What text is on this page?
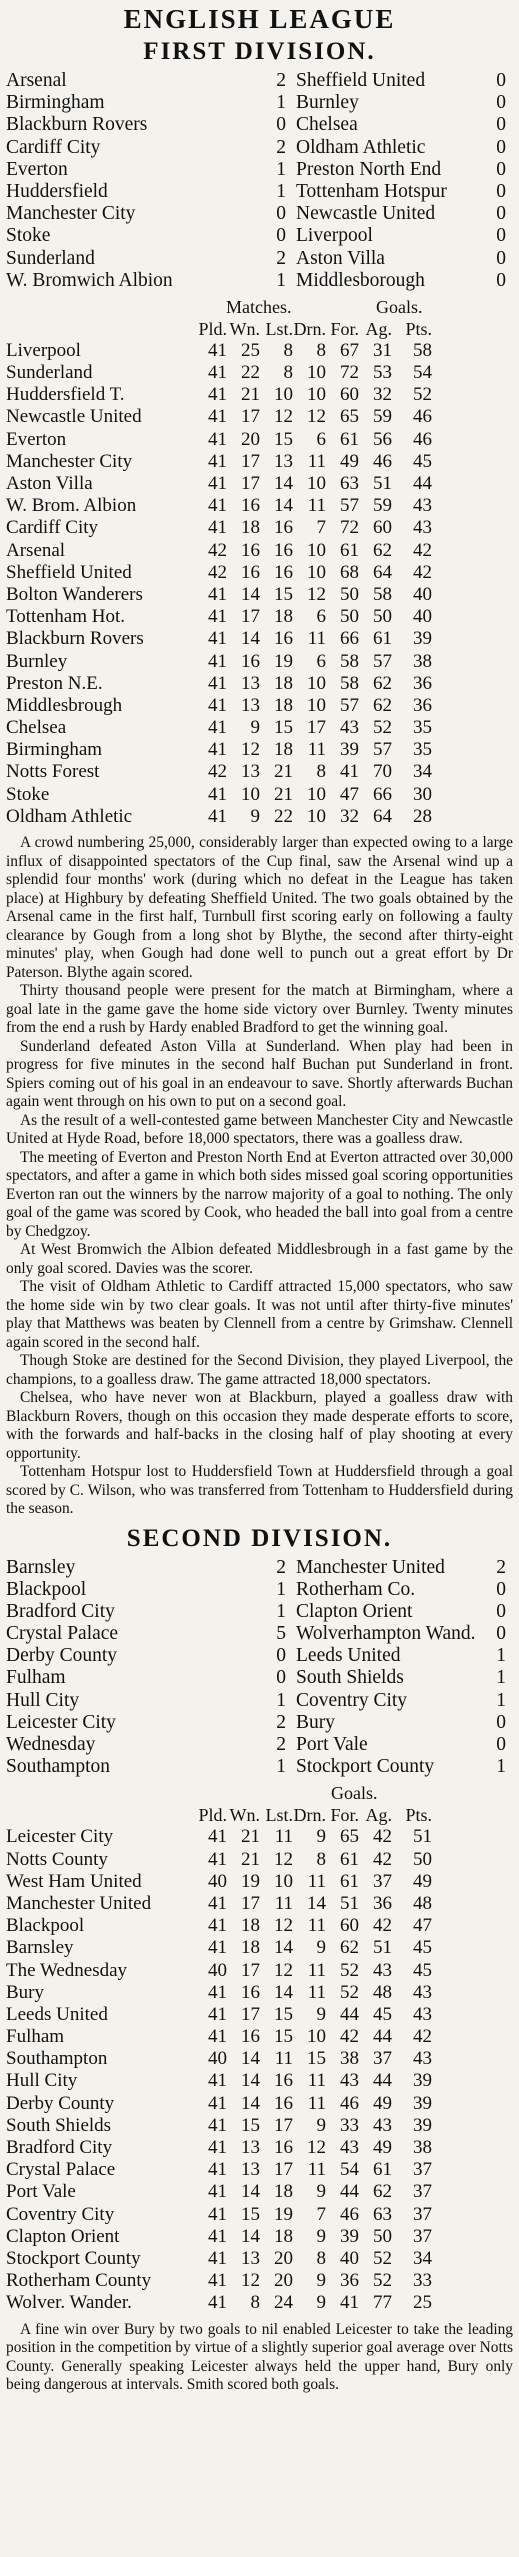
ENGLISH LEAGUE
FIRST DIVISION.
Arsenal	2 Sheffield United	0
Birmingham	1 Burnley	0
Blackburn Rovers	0 Chelsea	0
Cardiff City	2 Oldham Athletic	0
Everton	1 Preston North End	0
Huddersfield	1 Tottenham Hotspur	0
Manchester City	0 Newcastle United	0
Stoke	0 Liverpool	0
Sunderland	2 Aston Villa	0
W. Bromwich Albion	1 Middlesborough	0
Matches.	Goals.
Pld. Wn. Lst. Drn. For. Ag. Pts.
Liverpool	41 25	8	8 67 31	58
Sunderland	41 22	8 10 72 53	54
Huddersfield T.	41 21 10 10 60 32	52
Newcastle United	41 17 12 12 65 59	46
Everton	41 20 15	6 61 56	46
Manchester City	41 17 13 11 49 46	45
Aston Villa	41 17 14 10 63 51	44
W. Brom. Albion	41 16 14 11 57 59	43
Cardiff City	41 18 16	7 72 60	43
Arsenal	42 16 16 10 61 62	42
Sheffield United	42 16 16 10 68 64	42
Bolton Wanderers	41 14 15 12 50 58	40
Tottenham Hot.	41 17 18	6 50 50	40
Blackburn Rovers	41 14 16 11 66 61	39
Burnley	41 16 19	6 58 57	38
Preston N.E.	41 13 18 10 58 62	36
Middlesbrough	41 13 18 10 57 62	36
Chelsea	41	9 15 17 43 52	35
Birmingham	41 12 18 11 39 57	35
Notts Forest	42 13 21	8 41 70	34
Stoke	41 10 21 10 47 66	30
Oldham Athletic	41	9 22 10 32 64	28

A crowd numbering 25,000, considerably larger than expected owing to a large influx of disappointed spectators of the Cup final, saw the Arsenal wind up a splendid four months' work (during which no defeat in the League has taken place) at Highbury by defeating Sheffield United. The two goals obtained by the Arsenal came in the first half, Turnbull first scoring early on following a faulty clearance by Gough from a long shot by Blythe, the second after thirty-eight minutes' play, when Gough had done well to punch out a great effort by Dr Paterson. Blythe again scored.

Thirty thousand people were present for the match at Birmingham, where a goal late in the game gave the home side victory over Burnley. Twenty minutes from the end a rush by Hardy enabled Bradford to get the winning goal.

Sunderland defeated Aston Villa at Sunderland. When play had been in progress for five minutes in the second half Buchan put Sunderland in front. Spiers coming out of his goal in an endeavour to save. Shortly afterwards Buchan again went through on his own to put on a second goal.

As the result of a well-contested game between Manchester City and Newcastle United at Hyde Road, before 18,000 spectators, there was a goalless draw.

The meeting of Everton and Preston North End at Everton attracted over 30,000 spectators, and after a game in which both sides missed goal scoring opportunities Everton ran out the winners by the narrow majority of a goal to nothing. The only goal of the game was scored by Cook, who headed the ball into goal from a centre by Chedgzoy.

At West Bromwich the Albion defeated Middlesbrough in a fast game by the only goal scored. Davies was the scorer.

The visit of Oldham Athletic to Cardiff attracted 15,000 spectators, who saw the home side win by two clear goals. It was not until after thirty-five minutes' play that Matthews was beaten by Clennell from a centre by Grimshaw. Clennell again scored in the second half.

Though Stoke are destined for the Second Division, they played Liverpool, the champions, to a goalless draw. The game attracted 18,000 spectators.

Chelsea, who have never won at Blackburn, played a goalless draw with Blackburn Rovers, though on this occasion they made desperate efforts to score, with the forwards and half-backs in the closing half of play shooting at every opportunity.

Tottenham Hotspur lost to Huddersfield Town at Huddersfield through a goal scored by C. Wilson, who was transferred from Tottenham to Huddersfield during the season.

SECOND DIVISION.
Barnsley	2 Manchester United	2
Blackpool	1 Rotherham Co.	0
Bradford City	1 Clapton Orient	0
Crystal Palace	5 Wolverhampton Wand.	0
Derby County	0 Leeds United	1
Fulham	0 South Shields	1
Hull City	1 Coventry City	1
Leicester City	2 Bury	0
Wednesday	2 Port Vale	0
Southampton	1 Stockport County	1
Goals.
Pld. Wn. Lst. Drn. For. Ag. Pts.
Leicester City	41 21 11	9 65 42	51
Notts County	41 21 12	8 61 42	50
West Ham United	40 19 10 11 61 37	49
Manchester United	41 17 11 14 51 36	48
Blackpool	41 18 12 11 60 42	47
Barnsley	41 18 14	9 62 51	45
The Wednesday	40 17 12 11 52 43	45
Bury	41 16 14 11 52 48	43
Leeds United	41 17 15	9 44 45	43
Fulham	41 16 15 10 42 44	42
Southampton	40 14 11 15 38 37	43
Hull City	41 14 16 11 43 44	39
Derby County	41 14 16 11 46 49	39
South Shields	41 15 17	9 33 43	39
Bradford City	41 13 16 12 43 49	38
Crystal Palace	41 13 17 11 54 61	37
Port Vale	41 14 18	9 44 62	37
Coventry City	41 15 19	7 46 63	37
Clapton Orient	41 14 18	9 39 50	37
Stockport County	41 13 20	8 40 52	34
Rotherham County	41 12 20	9 36 52	33
Wolver. Wander.	41	8 24	9 41 77	25

A fine win over Bury by two goals to nil enabled Leicester to take the leading position in the competition by virtue of a slightly superior goal average over Notts County. Generally speaking Leicester always held the upper hand, Bury only being dangerous at intervals. Smith scored both goals.
